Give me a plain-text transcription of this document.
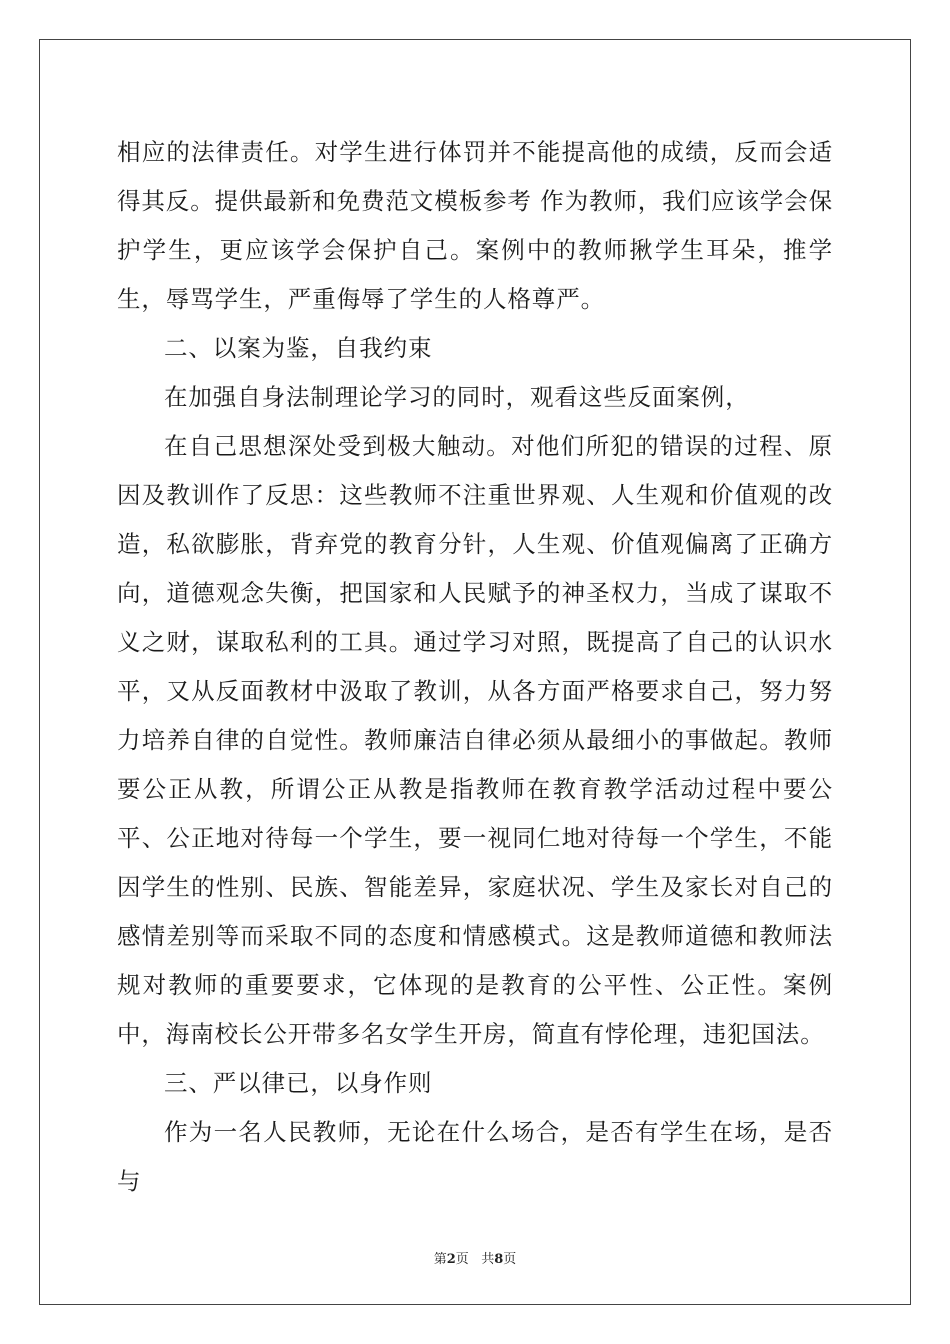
相应的法律责任。对学生进行体罚并不能提高他的成绩，反而会适得其反。提供最新和免费范文模板参考 作为教师，我们应该学会保护学生，更应该学会保护自己。案例中的教师揪学生耳朵，推学生，辱骂学生，严重侮辱了学生的人格尊严。

二、以案为鉴，自我约束

在加强自身法制理论学习的同时，观看这些反面案例，

在自己思想深处受到极大触动。对他们所犯的错误的过程、原因及教训作了反思：这些教师不注重世界观、人生观和价值观的改造，私欲膨胀，背弃党的教育分针，人生观、价值观偏离了正确方向，道德观念失衡，把国家和人民赋予的神圣权力，当成了谋取不义之财，谋取私利的工具。通过学习对照，既提高了自己的认识水平，又从反面教材中汲取了教训，从各方面严格要求自己，努力努力培养自律的自觉性。教师廉洁自律必须从最细小的事做起。教师要公正从教，所谓公正从教是指教师在教育教学活动过程中要公平、公正地对待每一个学生，要一视同仁地对待每一个学生，不能因学生的性别、民族、智能差异，家庭状况、学生及家长对自己的感情差别等而采取不同的态度和情感模式。这是教师道德和教师法规对教师的重要要求，它体现的是教育的公平性、公正性。案例中，海南校长公开带多名女学生开房，简直有悖伦理，违犯国法。

三、严以律已，以身作则

作为一名人民教师，无论在什么场合，是否有学生在场，是否与

第2页 共8页
